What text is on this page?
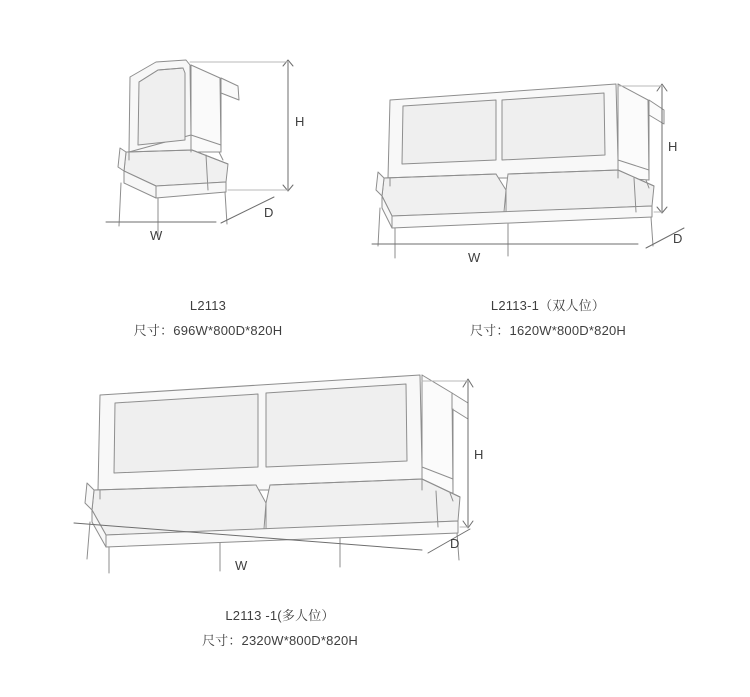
H
W
D
L2113
尺寸：696W*800D*820H
H
W
D
L2113-1（双人位）
尺寸：1620W*800D*820H
H
W
D
L2113 -1(多人位）
尺寸：2320W*800D*820H
